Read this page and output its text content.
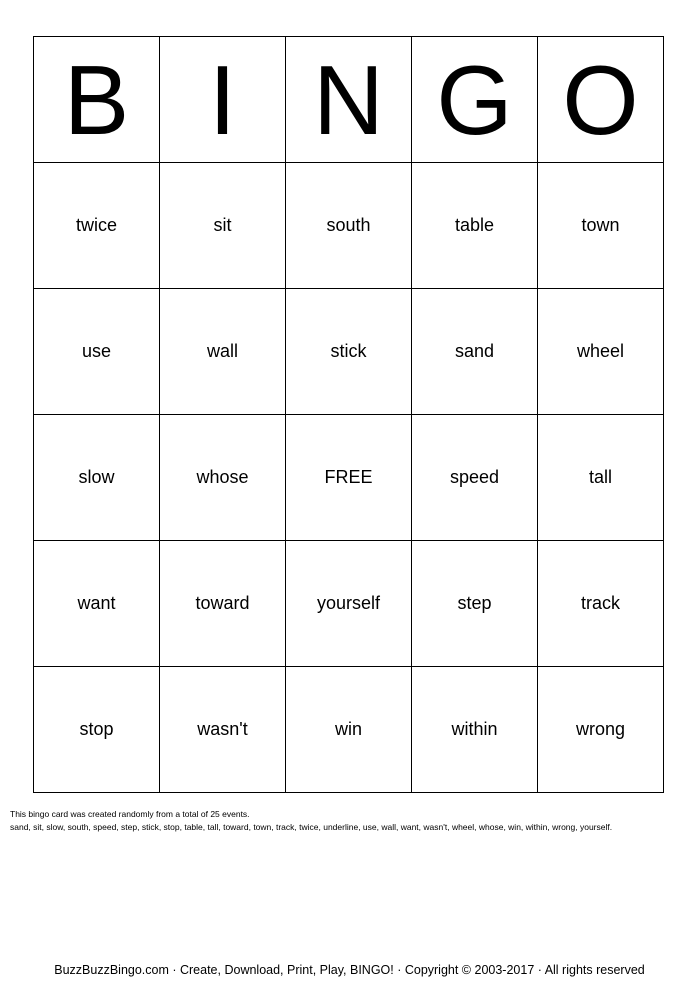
B	I	N	G	O
twice	sit	south	table	town
use	wall	stick	sand	wheel
slow	whose	FREE	speed	tall
want	toward	yourself	step	track
stop	wasn't	win	within	wrong
This bingo card was created randomly from a total of 25 events.
sand, sit, slow, south, speed, step, stick, stop, table, tall, toward, town, track, twice, underline, use, wall, want, wasn't, wheel, whose, win, within, wrong, yourself.
BuzzBuzzBingo.com · Create, Download, Print, Play, BINGO! · Copyright © 2003-2017 · All rights reserved
